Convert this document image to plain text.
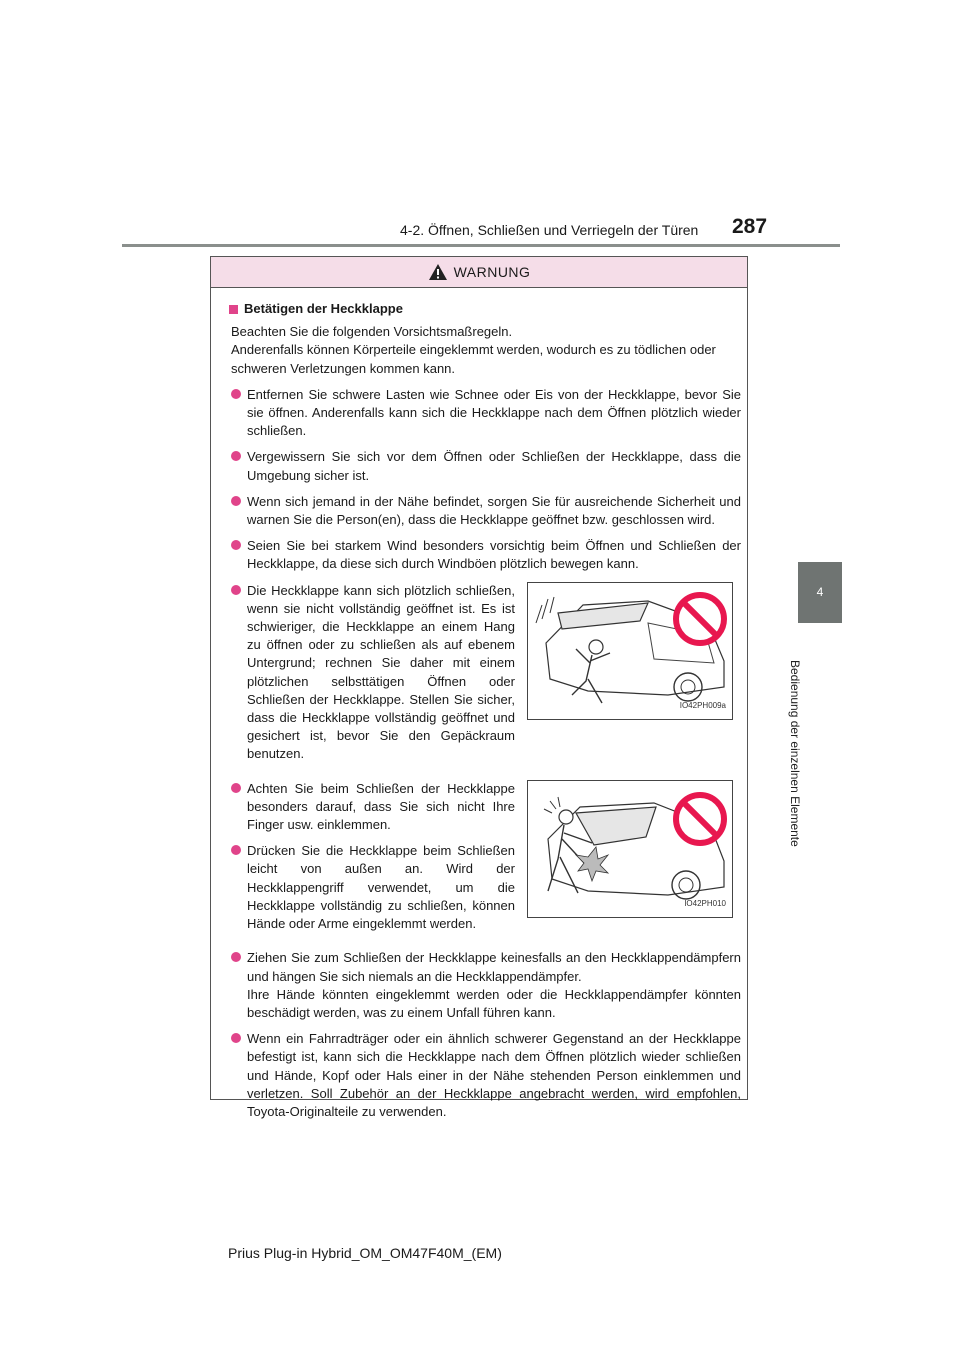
4-2. Öffnen, Schließen und Verriegeln der Türen 287
4
Bedienung der einzelnen Elemente
WARNUNG
Betätigen der Heckklappe

Beachten Sie die folgenden Vorsichtsmaßregeln.

Anderenfalls können Körperteile eingeklemmt werden, wodurch es zu tödlichen oder schweren Verletzungen kommen kann.

Entfernen Sie schwere Lasten wie Schnee oder Eis von der Heckklappe, bevor Sie sie öffnen. Anderenfalls kann sich die Heckklappe nach dem Öffnen plötzlich wieder schließen.
Vergewissern Sie sich vor dem Öffnen oder Schließen der Heckklappe, dass die Umgebung sicher ist.
Wenn sich jemand in der Nähe befindet, sorgen Sie für ausreichende Sicherheit und warnen Sie die Person(en), dass die Heckklappe geöffnet bzw. geschlossen wird.
Seien Sie bei starkem Wind besonders vorsichtig beim Öffnen und Schließen der Heckklappe, da diese sich durch Windböen plötzlich bewegen kann.
Die Heckklappe kann sich plötzlich schließen, wenn sie nicht vollständig geöffnet ist. Es ist schwieriger, die Heckklappe an einem Hang zu öffnen oder zu schließen als auf ebenem Untergrund; rechnen Sie daher mit einem plötzlichen selbsttätigen Öffnen oder Schließen der Heckklappe. Stellen Sie sicher, dass die Heckklappe vollständig geöffnet und gesichert ist, bevor Sie den Gepäckraum benutzen.
IO42PH009a
Achten Sie beim Schließen der Heckklappe besonders darauf, dass Sie sich nicht Ihre Finger usw. einklemmen.
Drücken Sie die Heckklappe beim Schließen leicht von außen an. Wird der Heckklappengriff verwendet, um die Heckklappe vollständig zu schließen, können Hände oder Arme eingeklemmt werden.
IO42PH010

Ziehen Sie zum Schließen der Heckklappe keinesfalls an den Heckklappendämpfern und hängen Sie sich niemals an die Heckklappendämpfer.

Ihre Hände könnten eingeklemmt werden oder die Heckklappendämpfer könnten beschädigt werden, was zu einem Unfall führen kann.

Wenn ein Fahrradträger oder ein ähnlich schwerer Gegenstand an der Heckklappe befestigt ist, kann sich die Heckklappe nach dem Öffnen plötzlich wieder schließen und Hände, Kopf oder Hals einer in der Nähe stehenden Person einklemmen und verletzen. Soll Zubehör an der Heckklappe angebracht werden, wird empfohlen, Toyota-Originalteile zu verwenden.
Prius Plug-in Hybrid_OM_OM47F40M_(EM)
